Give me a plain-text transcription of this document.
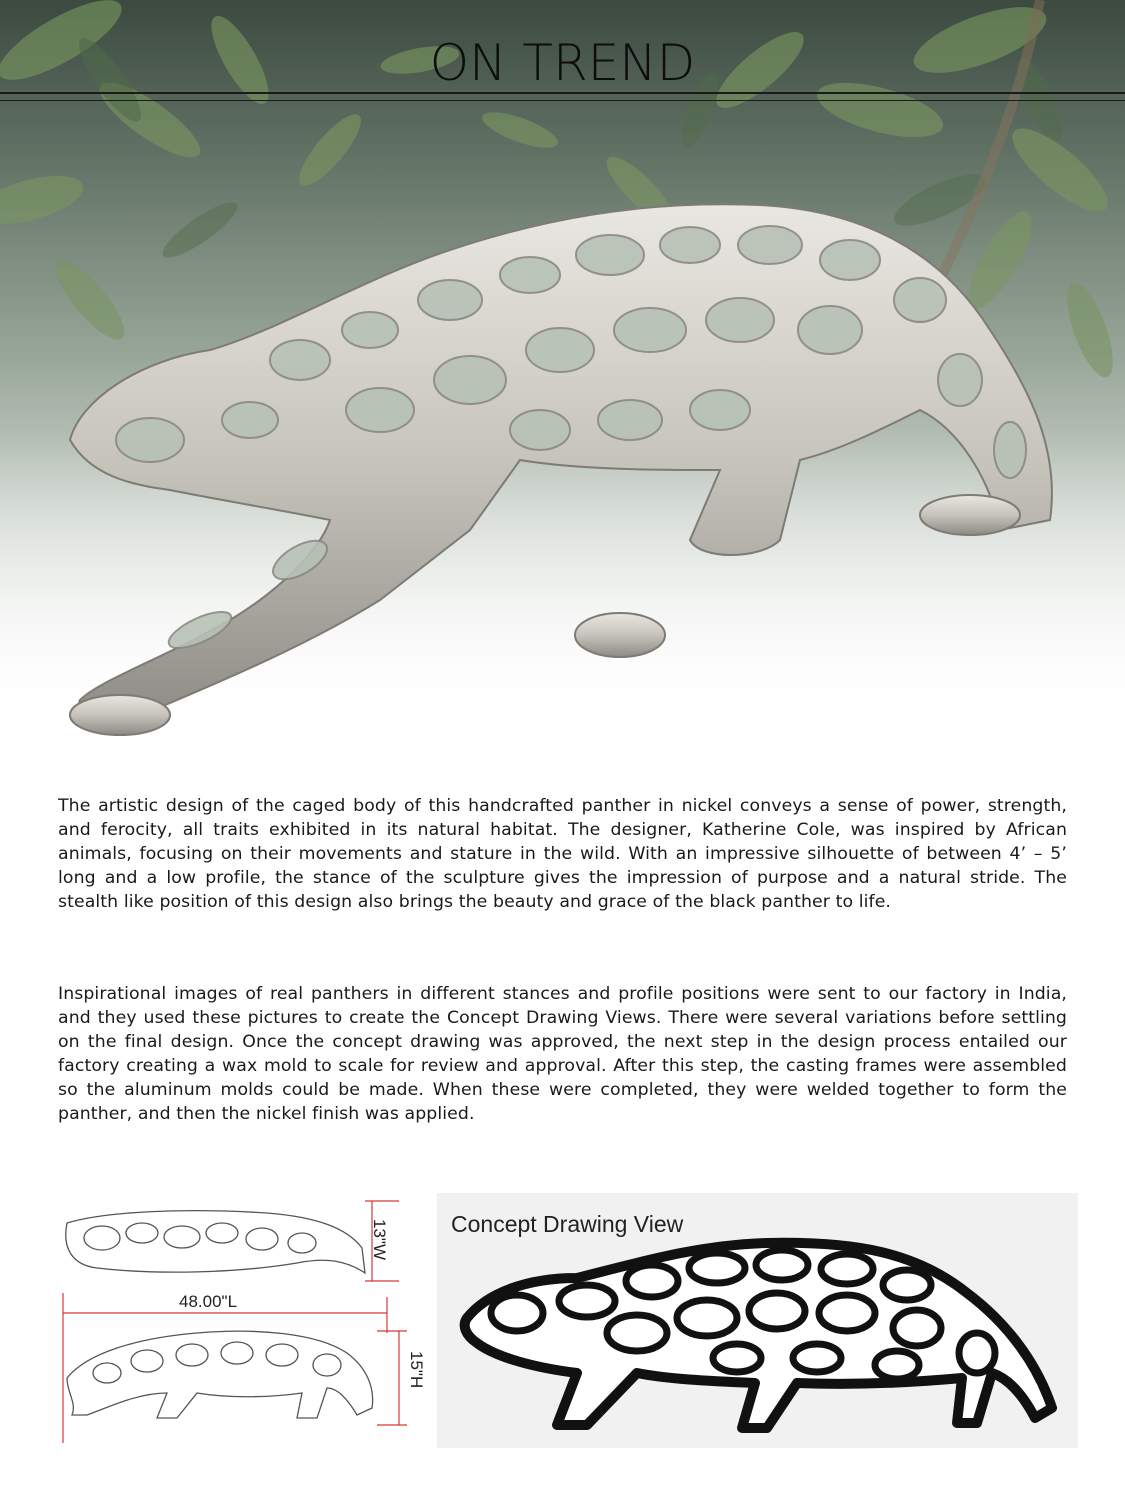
ON TREND

The artistic design of the caged body of this handcrafted panther in nickel conveys a sense of power, strength, and ferocity, all traits exhibited in its natural habitat. The designer, Katherine Cole, was inspired by African animals, focusing on their movements and stature in the wild. With an impressive silhouette of between 4’ – 5’ long and a low profile, the stance of the sculpture gives the impression of purpose and a natural stride. The stealth like position of this design also brings the beauty and grace of the black panther to life.

Inspirational images of real panthers in different stances and profile positions were sent to our factory in India, and they used these pictures to create the Concept Drawing Views. There were several variations before settling on the final design. Once the concept drawing was approved, the next step in the design process entailed our factory creating a wax mold to scale for review and approval. After this step, the casting frames were assembled so the aluminum molds could be made. When these were completed, they were welded together to form the panther, and then the nickel finish was applied.

13"W
48.00"L
15"H

Concept Drawing View
